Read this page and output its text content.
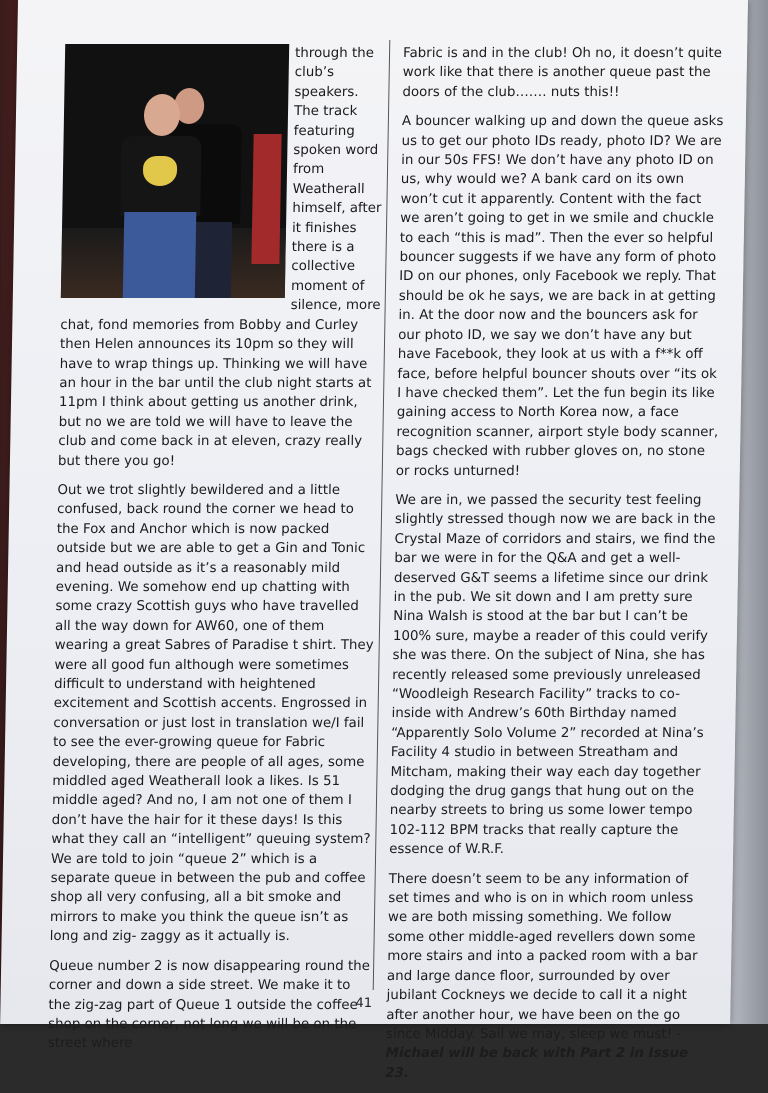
through the club’s speakers. The track featuring spoken word from Weatherall himself, after it finishes there is a collective moment of silence, more chat, fond memories from Bobby and Curley then Helen announces its 10pm so they will have to wrap things up. Thinking we will have an hour in the bar until the club night starts at 11pm I think about getting us another drink, but no we are told we will have to leave the club and come back in at eleven, crazy really but there you go!

Out we trot slightly bewildered and a little confused, back round the corner we head to the Fox and Anchor which is now packed outside but we are able to get a Gin and Tonic and head outside as it’s a reasonably mild evening. We somehow end up chatting with some crazy Scottish guys who have travelled all the way down for AW60, one of them wearing a great Sabres of Paradise t shirt. They were all good fun although were sometimes difficult to understand with heightened excitement and Scottish accents. Engrossed in conversation or just lost in translation we/I fail to see the ever-growing queue for Fabric developing, there are people of all ages, some middled aged Weatherall look a likes. Is 51 middle aged? And no, I am not one of them I don’t have the hair for it these days! Is this what they call an “intelligent” queuing system? We are told to join “queue 2” which is a separate queue in between the pub and coffee shop all very confusing, all a bit smoke and mirrors to make you think the queue isn’t as long and zig- zaggy as it actually is.

Queue number 2 is now disappearing round the corner and down a side street. We make it to the zig-zag part of Queue 1 outside the coffee shop on the corner, not long we will be on the street where

Fabric is and in the club! Oh no, it doesn’t quite work like that there is another queue past the doors of the club……. nuts this!!

A bouncer walking up and down the queue asks us to get our photo IDs ready, photo ID? We are in our 50s FFS! We don’t have any photo ID on us, why would we? A bank card on its own won’t cut it apparently. Content with the fact we aren’t going to get in we smile and chuckle to each “this is mad”. Then the ever so helpful bouncer suggests if we have any form of photo ID on our phones, only Facebook we reply. That should be ok he says, we are back in at getting in. At the door now and the bouncers ask for our photo ID, we say we don’t have any but have Facebook, they look at us with a f**k off face, before helpful bouncer shouts over “its ok I have checked them”. Let the fun begin its like gaining access to North Korea now, a face recognition scanner, airport style body scanner, bags checked with rubber gloves on, no stone or rocks unturned!

We are in, we passed the security test feeling slightly stressed though now we are back in the Crystal Maze of corridors and stairs, we find the bar we were in for the Q&A and get a well-deserved G&T seems a lifetime since our drink in the pub. We sit down and I am pretty sure Nina Walsh is stood at the bar but I can’t be 100% sure, maybe a reader of this could verify she was there. On the subject of Nina, she has recently released some previously unreleased “Woodleigh Research Facility” tracks to co-inside with Andrew’s 60th Birthday named “Apparently Solo Volume 2” recorded at Nina’s Facility 4 studio in between Streatham and Mitcham, making their way each day together dodging the drug gangs that hung out on the nearby streets to bring us some lower tempo 102-112 BPM tracks that really capture the essence of W.R.F.

There doesn’t seem to be any information of set times and who is on in which room unless we are both missing something. We follow some other middle-aged revellers down some more stairs and into a packed room with a bar and large dance floor, surrounded by over jubilant Cockneys we decide to call it a night after another hour, we have been on the go since Midday. Sail we may, sleep we must! -Michael will be back with Part 2 in Issue 23.

41
